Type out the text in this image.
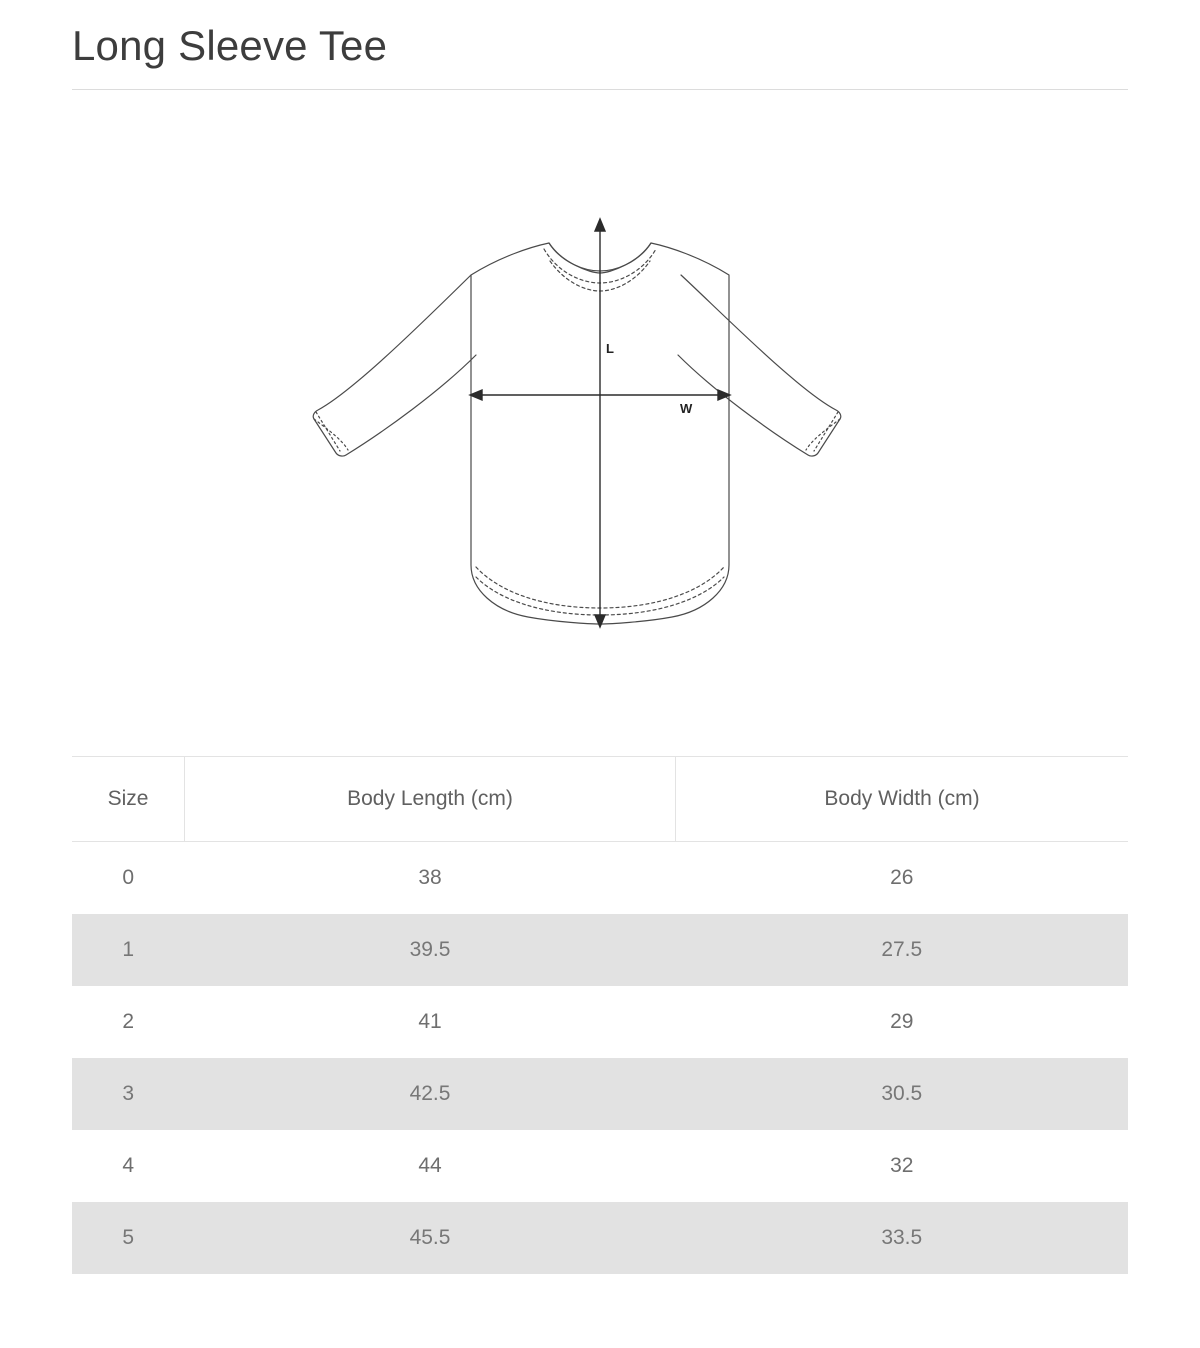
Long Sleeve Tee
L
W
Size	Body Length (cm)	Body Width (cm)
0	38	26
1	39.5	27.5
2	41	29
3	42.5	30.5
4	44	32
5	45.5	33.5
